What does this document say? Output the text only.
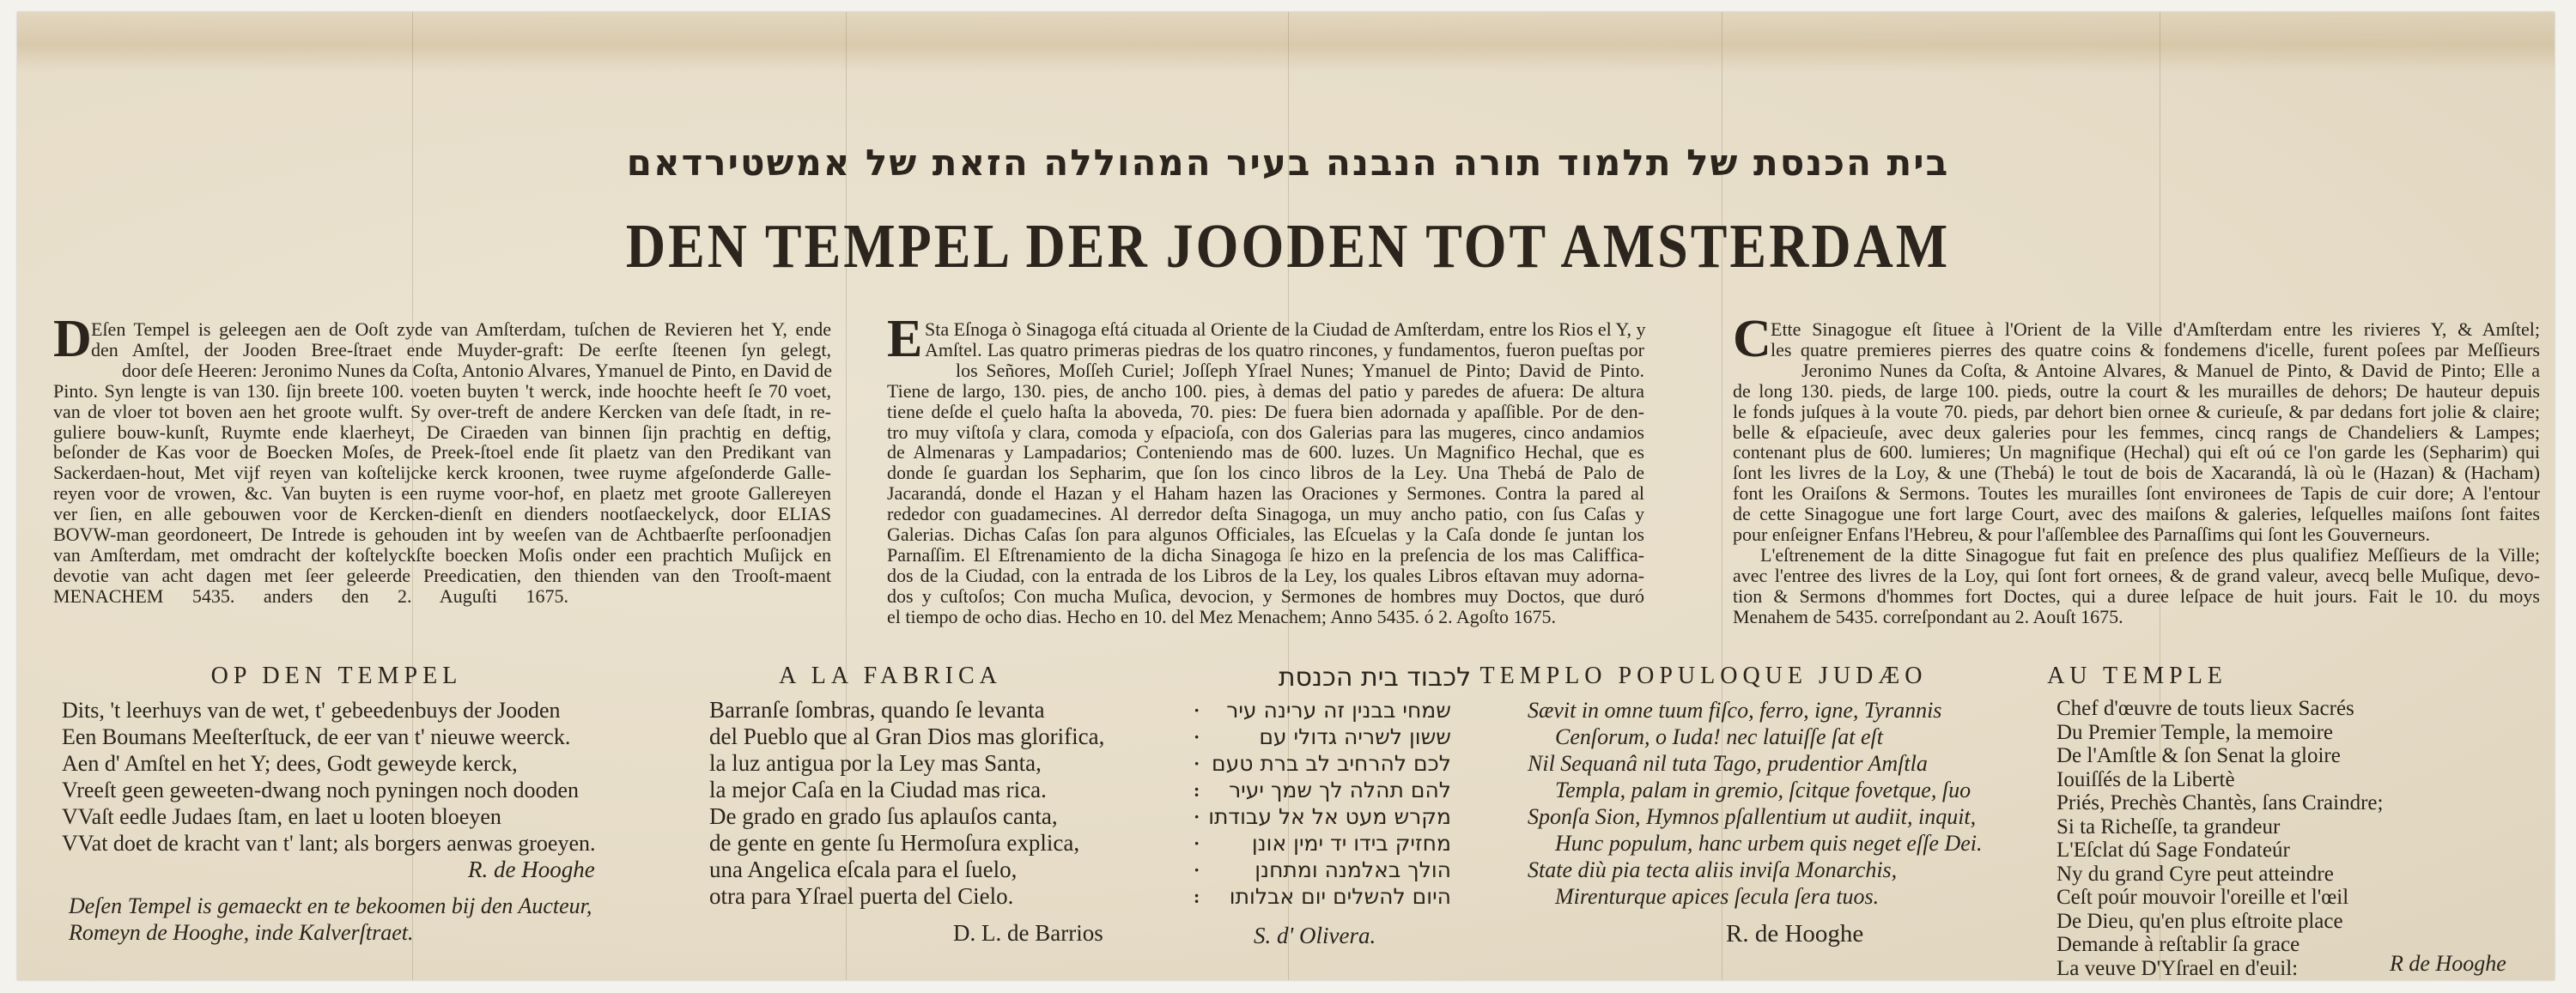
בית הכנסת של תלמוד תורה הנבנה בעיר המהוללה הזאת של אמשטירדאם
DEN TEMPEL DER JOODEN TOT AMSTERDAM
D Eſen Tempel is geleegen aen de Ooſt zyde van Amſterdam, tuſchen de Revieren het Y, ende
den Amſtel, der Jooden Bree-ſtraet ende Muyder-graft: De eerſte ſteenen ſyn gelegt,
door deſe Heeren: Jeronimo Nunes da Coſta, Antonio Alvares, Ymanuel de Pinto, en David de
Pinto. Syn lengte is van 130. ſijn breete 100. voeten buyten 't werck, inde hoochte heeft ſe 70 voet,
van de vloer tot boven aen het groote wulft. Sy over-treft de andere Kercken van deſe ſtadt, in re-
guliere bouw-kunſt, Ruymte ende klaerheyt, De Ciraeden van binnen ſijn prachtig en deftig,
beſonder de Kas voor de Boecken Moſes, de Preek-ſtoel ende ſit plaetz van den Predikant van
Sackerdaen-hout, Met vijf reyen van koſtelijcke kerck kroonen, twee ruyme afgeſonderde Galle-
reyen voor de vrowen, &c. Van buyten is een ruyme voor-hof, en plaetz met groote Gallereyen
ver ſien, en alle gebouwen voor de Kercken-dienſt en dienders nootſaeckelyck, door ELIAS
BOVW-man geordoneert, De Intrede is gehouden int by weeſen van de Achtbaerſte perſoonadjen
van Amſterdam, met omdracht der koſtelyckſte boecken Moſis onder een prachtich Muſijck en
devotie van acht dagen met ſeer geleerde Preedicatien, den thienden van den Trooſt-maent
MENACHEM 5435. anders den 2. Auguſti 1675.
E Sta Eſnoga ò Sinagoga eſtá cituada al Oriente de la Ciudad de Amſterdam, entre los Rios el Y, y
Amſtel. Las quatro primeras piedras de los quatro rincones, y fundamentos, fueron pueſtas por
los Señores, Moſſeh Curiel; Joſſeph Yſrael Nunes; Ymanuel de Pinto; David de Pinto.
Tiene de largo, 130. pies, de ancho 100. pies, à demas del patio y paredes de afuera: De altura
tiene deſde el çuelo haſta la aboveda, 70. pies: De fuera bien adornada y apaſſible. Por de den-
tro muy viſtoſa y clara, comoda y eſpacioſa, con dos Galerias para las mugeres, cinco andamios
de Almenaras y Lampadarios; Conteniendo mas de 600. luzes. Un Magnifico Hechal, que es
donde ſe guardan los Sepharim, que ſon los cinco libros de la Ley. Una Thebá de Palo de
Jacarandá, donde el Hazan y el Haham hazen las Oraciones y Sermones. Contra la pared al
rededor con guadamecines. Al derredor deſta Sinagoga, un muy ancho patio, con ſus Caſas y
Galerias. Dichas Caſas ſon para algunos Officiales, las Eſcuelas y la Caſa donde ſe juntan los
Parnaſſim. El Eſtrenamiento de la dicha Sinagoga ſe hizo en la preſencia de los mas Califfica-
dos de la Ciudad, con la entrada de los Libros de la Ley, los quales Libros eſtavan muy adorna-
dos y cuſtoſos; Con mucha Muſica, devocion, y Sermones de hombres muy Doctos, que duró
el tiempo de ocho dias. Hecho en 10. del Mez Menachem; Anno 5435. ó 2. Agoſto 1675.
C Ette Sinagogue eſt ſituee à l'Orient de la Ville d'Amſterdam entre les rivieres Y, & Amſtel;
les quatre premieres pierres des quatre coins & fondemens d'icelle, furent poſees par Meſſieurs
Jeronimo Nunes da Coſta, & Antoine Alvares, & Manuel de Pinto, & David de Pinto; Elle a
de long 130. pieds, de large 100. pieds, outre la court & les murailles de dehors; De hauteur depuis
le fonds juſques à la voute 70. pieds, par dehort bien ornee & curieuſe, & par dedans fort jolie & claire;
belle & eſpacieuſe, avec deux galeries pour les femmes, cincq rangs de Chandeliers & Lampes;
contenant plus de 600. lumieres; Un magnifique (Hechal) qui eſt oú ce l'on garde les (Sepharim) qui
ſont les livres de la Loy, & une (Thebá) le tout de bois de Xacarandá, là où le (Hazan) & (Hacham)
font les Oraiſons & Sermons. Toutes les murailles ſont environees de Tapis de cuir dore; A l'entour
de cette Sinagogue une fort large Court, avec des maiſons & galeries, leſquelles maiſons ſont faites
pour enſeigner Enfans l'Hebreu, & pour l'aſſemblee des Parnaſſims qui ſont les Gouverneurs.
L'eſtrenement de la ditte Sinagogue fut fait en preſence des plus qualifiez Meſſieurs de la Ville;
avec l'entree des livres de la Loy, qui ſont fort ornees, & de grand valeur, avecq belle Muſique, devo-
tion & Sermons d'hommes fort Doctes, qui a duree leſpace de huit jours. Fait le 10. du moys
Menahem de 5435. correſpondant au 2. Aouſt 1675.
OP DEN TEMPEL
Dits, 't leerhuys van de wet, t' gebeedenbuys der Jooden
Een Boumans Meeſterſtuck, de eer van t' nieuwe weerck.
Aen d' Amſtel en het Y; dees, Godt geweyde kerck,
Vreeſt geen geweeten-dwang noch pyningen noch dooden
VVaſt eedle Judaes ſtam, en laet u looten bloeyen
VVat doet de kracht van t' lant; als borgers aenwas groeyen.
R. de Hooghe
Deſen Tempel is gemaeckt en te bekoomen bij den Aucteur,
Romeyn de Hooghe, inde Kalverſtraet.
A LA FABRICA
Barranſe ſombras, quando ſe levanta
del Pueblo que al Gran Dios mas glorifica,
la luz antigua por la Ley mas Santa,
la mejor Caſa en la Ciudad mas rica.
De grado en grado ſus aplauſos canta,
de gente en gente ſu Hermoſura explica,
una Angelica eſcala para el ſuelo,
otra para Yſrael puerta del Cielo.
D. L. de Barrios
לכבוד בית הכנסת
·
·
·
:
·
·
·
:
שמחי בבנין זה ערינה עיר
ששון לשריה גדולי עם
לכם להרחיב לב ברת טעם
להם תהלה לך שמך יעיר
מקרש מעט אל אל עבודתו
מחזיק בידו יד ימין אונן
הולך באלמנה ומתחנן
היום להשלים יום אבלותו
S. d' Olivera.
TEMPLO POPULOQUE JUDÆO
Sævit in omne tuum fiſco, ferro, igne, Tyrannis
Cenſorum, o Iuda! nec latuiſſe ſat eſt
Nil Sequanâ nil tuta Tago, prudentior Amſtla
Templa, palam in gremio, ſcitque fovetque, ſuo
Sponſa Sion, Hymnos pſallentium ut audiit, inquit,
Hunc populum, hanc urbem quis neget eſſe Dei.
State diù pia tecta aliis inviſa Monarchis,
Mirenturque apices ſecula ſera tuos.
R. de Hooghe
AU TEMPLE
Chef d'œuvre de touts lieux Sacrés
Du Premier Temple, la memoire
De l'Amſtle & ſon Senat la gloire
Iouiſſés de la Libertè
Priés, Prechès Chantès, ſans Craindre;
Si ta Richeſſe, ta grandeur
L'Eſclat dú Sage Fondateúr
Ny du grand Cyre peut atteindre
Ceſt poúr mouvoir l'oreille et l'œil
De Dieu, qu'en plus eſtroite place
Demande à reſtablir ſa grace
La veuve D'Yſrael en d'euil:	R de Hooghe
